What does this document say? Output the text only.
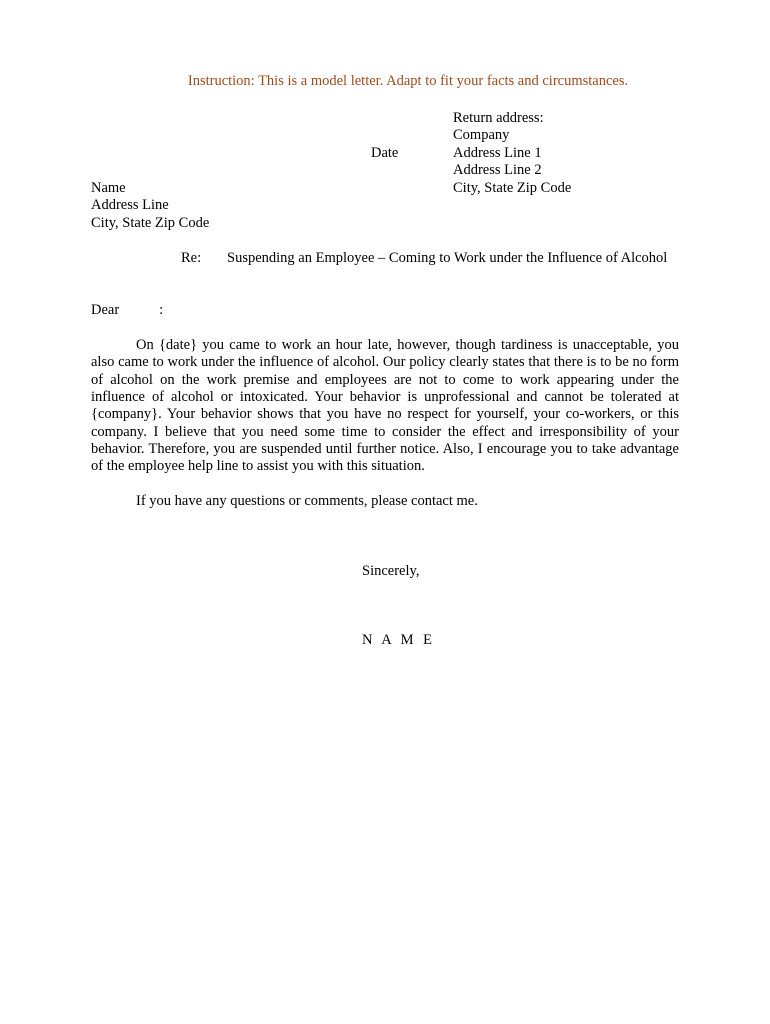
Instruction: This is a model letter. Adapt to fit your facts and circumstances.
Return address:
Company
Address Line 1
Address Line 2
City, State Zip Code
Date
Name
Address Line
City, State Zip Code
Re: Suspending an Employee – Coming to Work under the Influence of Alcohol
Dear	:
On {date} you came to work an hour late, however, though tardiness is unacceptable, you also came to work under the influence of alcohol. Our policy clearly states that there is to be no form of alcohol on the work premise and employees are not to come to work appearing under the influence of alcohol or intoxicated. Your behavior is unprofessional and cannot be tolerated at {company}. Your behavior shows that you have no respect for yourself, your co-workers, or this company. I believe that you need some time to consider the effect and irresponsibility of your behavior. Therefore, you are suspended until further notice. Also, I encourage you to take advantage of the employee help line to assist you with this situation.
If you have any questions or comments, please contact me.
Sincerely,
N A M E
